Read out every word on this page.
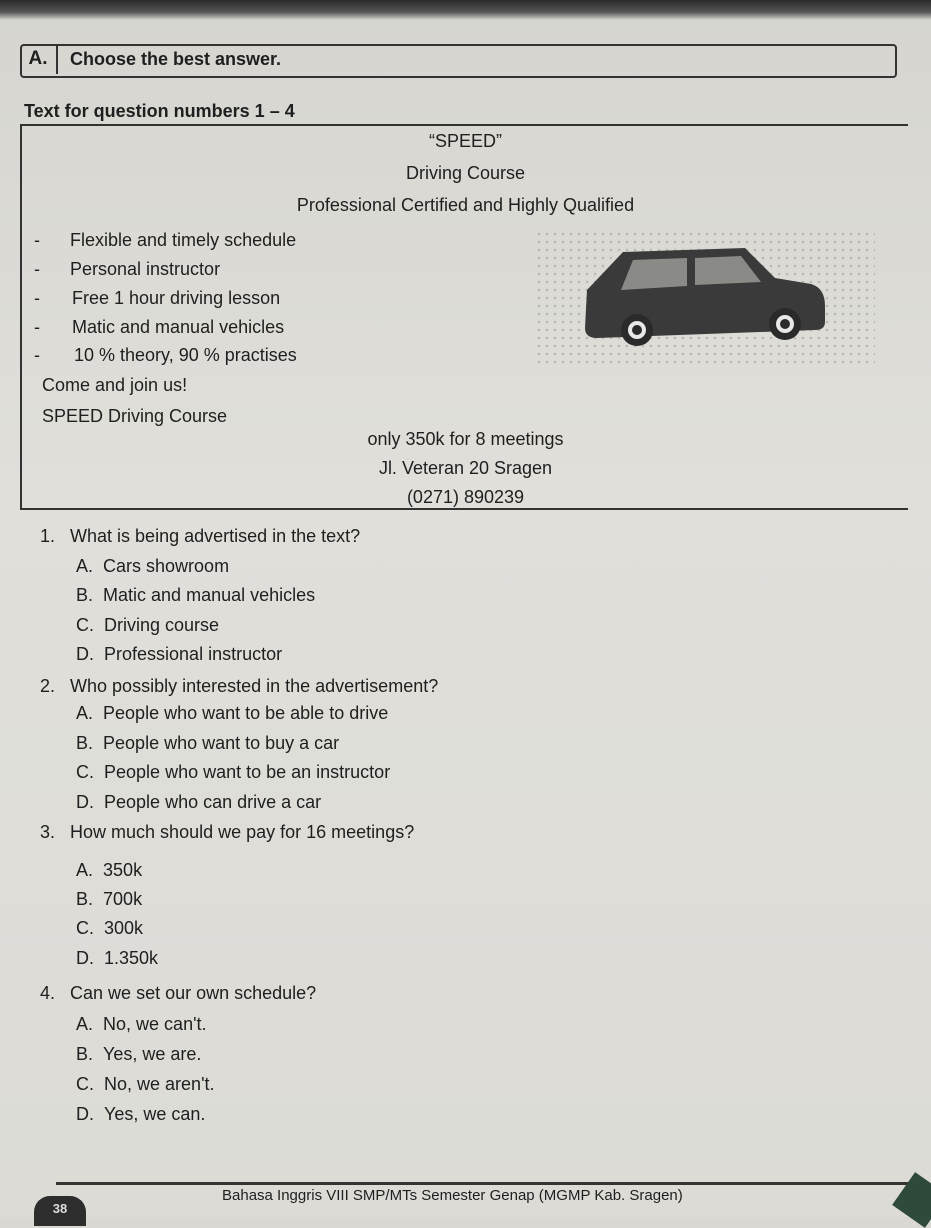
A.	Choose the best answer.
Text for question numbers 1 – 4
“SPEED”
Driving Course
Professional Certified and Highly Qualified
- Flexible and timely schedule
- Personal instructor
- Free 1 hour driving lesson
- Matic and manual vehicles
- 10 % theory, 90 % practises
Come and join us!
SPEED Driving Course
only 350k for 8 meetings
Jl. Veteran 20 Sragen
(0271) 890239
1. What is being advertised in the text?
A. Cars showroom
B. Matic and manual vehicles
C. Driving course
D. Professional instructor
2. Who possibly interested in the advertisement?
A. People who want to be able to drive
B. People who want to buy a car
C. People who want to be an instructor
D. People who can drive a car
3. How much should we pay for 16 meetings?
A. 350k
B. 700k
C. 300k
D. 1.350k
4. Can we set our own schedule?
A. No, we can't.
B. Yes, we are.
C. No, we aren't.
D. Yes, we can.
38
Bahasa Inggris VIII SMP/MTs Semester Genap (MGMP Kab. Sragen)
